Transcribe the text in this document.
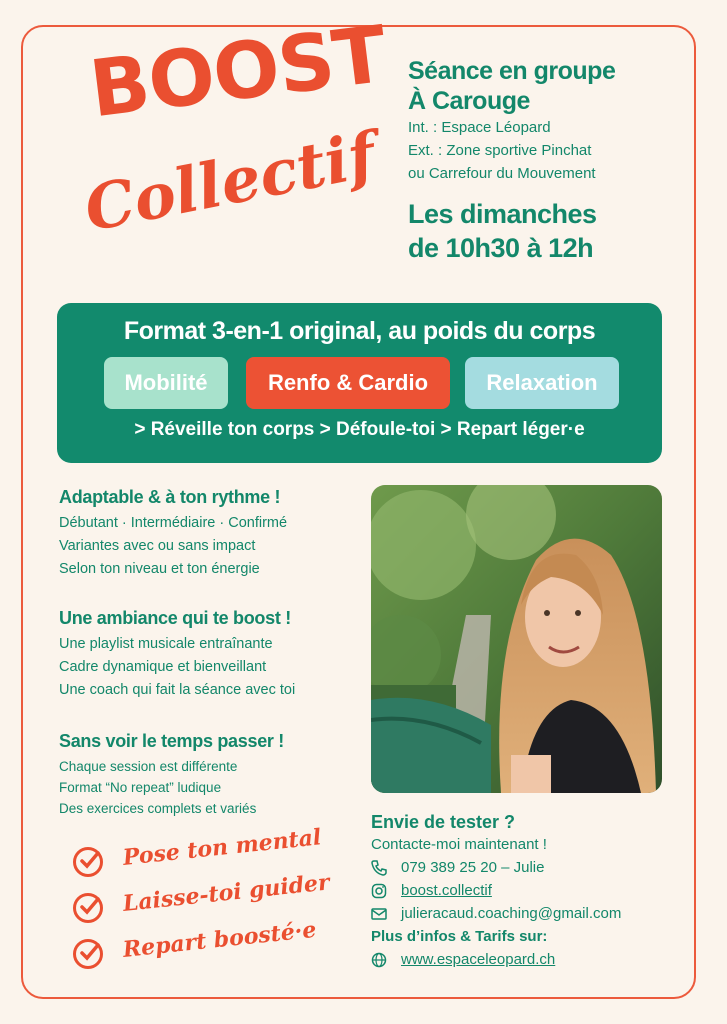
BOOST
Collectif
Séance en groupe
À Carouge
Int. : Espace Léopard
Ext. : Zone sportive Pinchat
ou Carrefour du Mouvement
Les dimanches
de 10h30 à 12h
Format 3-en-1 original, au poids du corps
Mobilité	Renfo & Cardio	Relaxation
> Réveille ton corps > Défoule-toi > Repart léger·e
Adaptable & à ton rythme !
Débutant · Intermédiaire · Confirmé
Variantes avec ou sans impact
Selon ton niveau et ton énergie
Une ambiance qui te boost !
Une playlist musicale entraînante
Cadre dynamique et bienveillant
Une coach qui fait la séance avec toi
Sans voir le temps passer !
Chaque session est différente
Format “No repeat” ludique
Des exercices complets et variés
Pose ton mental
Laisse-toi guider
Repart boosté·e
Envie de tester ?
Contacte-moi maintenant !
079 389 25 20 – Julie
boost.collectif
julieracaud.coaching@gmail.com
Plus d’infos & Tarifs sur:
www.espaceleopard.ch
